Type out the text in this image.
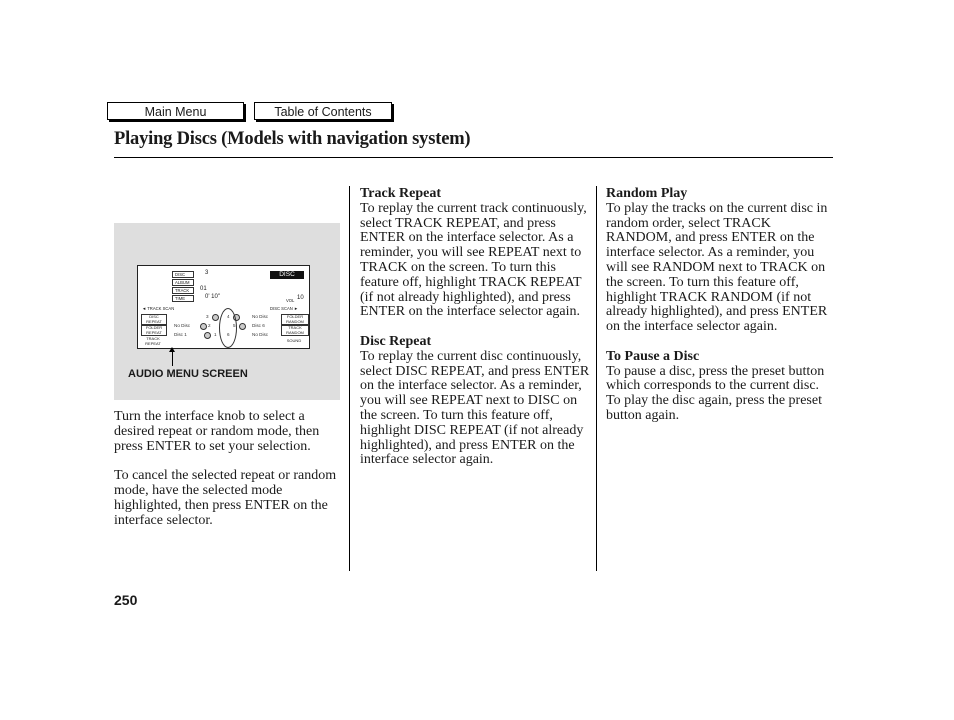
Main Menu	Table of Contents
Playing Discs (Models with navigation system)
DISC
ALBUM
TRACK
TIME
3
01
0' 10"
DISC
VOL 10
◄ TRACK SCAN	DISC SCAN ►
3	4	No Disc
No Disc	2	5	Disc 6
Disc 1	1 6	No Disc
DISC REPEAT
FOLDER REPEAT
TRACK REPEAT
FOLDER RANDOM
TRACK RANDOM
SOUND
AUDIO MENU SCREEN

Turn the interface knob to select a desired repeat or random mode, then press ENTER to set your selection.

To cancel the selected repeat or random mode, have the selected mode highlighted, then press ENTER on the interface selector.

Track Repeat

To replay the current track continuously, select TRACK REPEAT, and press ENTER on the interface selector. As a reminder, you will see REPEAT next to TRACK on the screen. To turn this feature off, highlight TRACK REPEAT (if not already highlighted), and press ENTER on the interface selector again.

Disc Repeat

To replay the current disc continuously, select DISC REPEAT, and press ENTER on the interface selector. As a reminder, you will see REPEAT next to DISC on the screen. To turn this feature off, highlight DISC REPEAT (if not already highlighted), and press ENTER on the interface selector again.

Random Play

To play the tracks on the current disc in random order, select TRACK RANDOM, and press ENTER on the interface selector. As a reminder, you will see RANDOM next to TRACK on the screen. To turn this feature off, highlight TRACK RANDOM (if not already highlighted), and press ENTER on the interface selector again.

To Pause a Disc

To pause a disc, press the preset button which corresponds to the current disc. To play the disc again, press the preset button again.

250
